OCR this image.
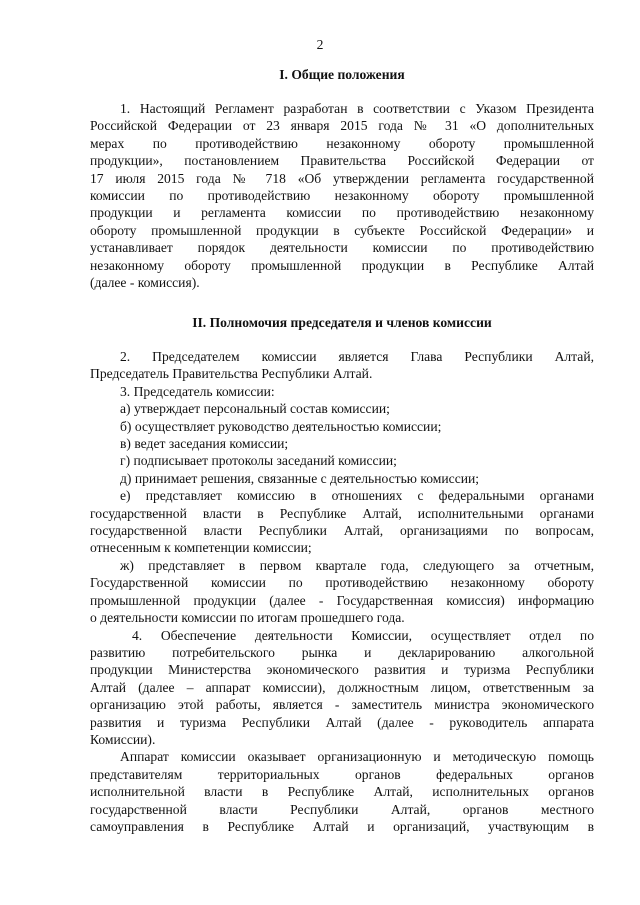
2
I. Общие положения

1. Настоящий Регламент разработан в соответствии с Указом Президента

Российской Федерации от 23 января 2015 года № 31 «О дополнительных

мерах по противодействию незаконному обороту промышленной

продукции», постановлением Правительства Российской Федерации от

17 июля 2015 года № 718 «Об утверждении регламента государственной

комиссии по противодействию незаконному обороту промышленной

продукции и регламента комиссии по противодействию незаконному

обороту промышленной продукции в субъекте Российской Федерации» и

устанавливает порядок деятельности комиссии по противодействию

незаконному обороту промышленной продукции в Республике Алтай

(далее - комиссия).

II. Полномочия председателя и членов комиссии

2. Председателем комиссии является Глава Республики Алтай,

Председатель Правительства Республики Алтай.

3. Председатель комиссии:

а) утверждает персональный состав комиссии;

б) осуществляет руководство деятельностью комиссии;

в) ведет заседания комиссии;

г) подписывает протоколы заседаний комиссии;

д) принимает решения, связанные с деятельностью комиссии;

е) представляет комиссию в отношениях с федеральными органами

государственной власти в Республике Алтай, исполнительными органами

государственной власти Республики Алтай, организациями по вопросам,

отнесенным к компетенции комиссии;

ж) представляет в первом квартале года, следующего за отчетным,

Государственной комиссии по противодействию незаконному обороту

промышленной продукции (далее - Государственная комиссия) информацию

о деятельности комиссии по итогам прошедшего года.

4. Обеспечение деятельности Комиссии, осуществляет отдел по

развитию потребительского рынка и декларированию алкогольной

продукции Министерства экономического развития и туризма Республики

Алтай (далее – аппарат комиссии), должностным лицом, ответственным за

организацию этой работы, является - заместитель министра экономического

развития и туризма Республики Алтай (далее - руководитель аппарата

Комиссии).

Аппарат комиссии оказывает организационную и методическую помощь

представителям территориальных органов федеральных органов

исполнительной власти в Республике Алтай, исполнительных органов

государственной власти Республики Алтай, органов местного

самоуправления в Республике Алтай и организаций, участвующим в
